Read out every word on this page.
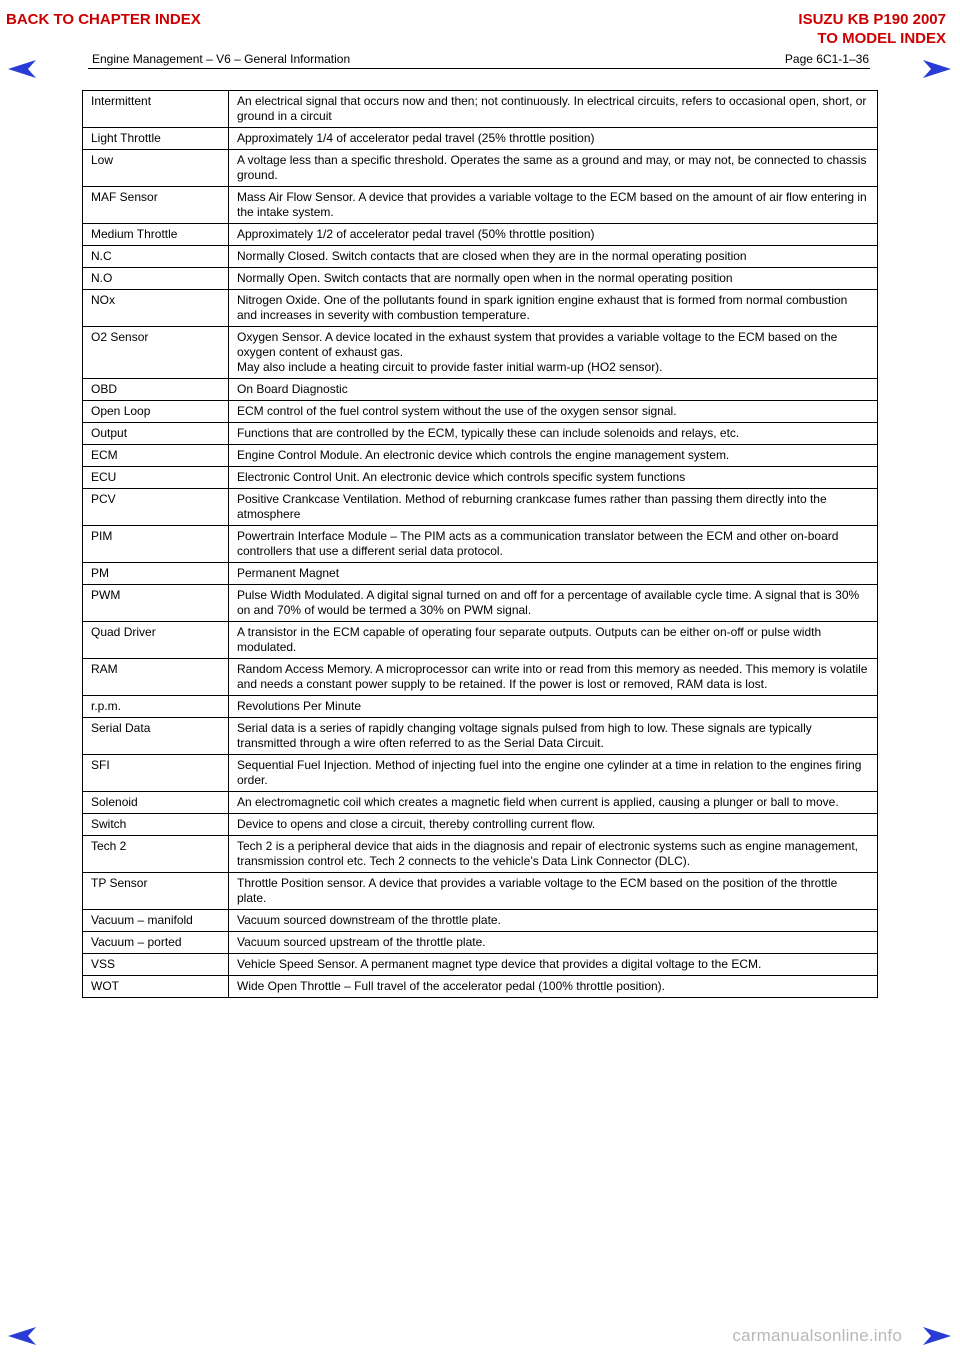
BACK TO CHAPTER INDEX	ISUZU KB P190 2007
TO MODEL INDEX
Engine Management – V6 – General Information	Page 6C1-1–36
Intermittent	An electrical signal that occurs now and then; not continuously. In electrical circuits, refers to occasional open, short, or ground in a circuit
Light Throttle	Approximately 1/4 of accelerator pedal travel (25% throttle position)
Low	A voltage less than a specific threshold. Operates the same as a ground and may, or may not, be connected to chassis ground.
MAF Sensor	Mass Air Flow Sensor. A device that provides a variable voltage to the ECM based on the amount of air flow entering in the intake system.
Medium Throttle	Approximately 1/2 of accelerator pedal travel (50% throttle position)
N.C	Normally Closed. Switch contacts that are closed when they are in the normal operating position
N.O	Normally Open. Switch contacts that are normally open when in the normal operating position
NOx	Nitrogen Oxide. One of the pollutants found in spark ignition engine exhaust that is formed from normal combustion and increases in severity with combustion temperature.
O2 Sensor	Oxygen Sensor. A device located in the exhaust system that provides a variable voltage to the ECM based on the oxygen content of exhaust gas.
May also include a heating circuit to provide faster initial warm-up (HO2 sensor).
OBD	On Board Diagnostic
Open Loop	ECM control of the fuel control system without the use of the oxygen sensor signal.
Output	Functions that are controlled by the ECM, typically these can include solenoids and relays, etc.
ECM	Engine Control Module. An electronic device which controls the engine management system.
ECU	Electronic Control Unit. An electronic device which controls specific system functions
PCV	Positive Crankcase Ventilation. Method of reburning crankcase fumes rather than passing them directly into the atmosphere
PIM	Powertrain Interface Module – The PIM acts as a communication translator between the ECM and other on-board controllers that use a different serial data protocol.
PM	Permanent Magnet
PWM	Pulse Width Modulated. A digital signal turned on and off for a percentage of available cycle time. A signal that is 30% on and 70% of would be termed a 30% on PWM signal.
Quad Driver	A transistor in the ECM capable of operating four separate outputs. Outputs can be either on-off or pulse width modulated.
RAM	Random Access Memory. A microprocessor can write into or read from this memory as needed. This memory is volatile and needs a constant power supply to be retained. If the power is lost or removed, RAM data is lost.
r.p.m.	Revolutions Per Minute
Serial Data	Serial data is a series of rapidly changing voltage signals pulsed from high to low. These signals are typically transmitted through a wire often referred to as the Serial Data Circuit.
SFI	Sequential Fuel Injection. Method of injecting fuel into the engine one cylinder at a time in relation to the engines firing order.
Solenoid	An electromagnetic coil which creates a magnetic field when current is applied, causing a plunger or ball to move.
Switch	Device to opens and close a circuit, thereby controlling current flow.
Tech 2	Tech 2 is a peripheral device that aids in the diagnosis and repair of electronic systems such as engine management, transmission control etc. Tech 2 connects to the vehicle’s Data Link Connector (DLC).
TP Sensor	Throttle Position sensor. A device that provides a variable voltage to the ECM based on the position of the throttle plate.
Vacuum – manifold	Vacuum sourced downstream of the throttle plate.
Vacuum – ported	Vacuum sourced upstream of the throttle plate.
VSS	Vehicle Speed Sensor. A permanent magnet type device that provides a digital voltage to the ECM.
WOT	Wide Open Throttle – Full travel of the accelerator pedal (100% throttle position).
carmanualsonline.info
